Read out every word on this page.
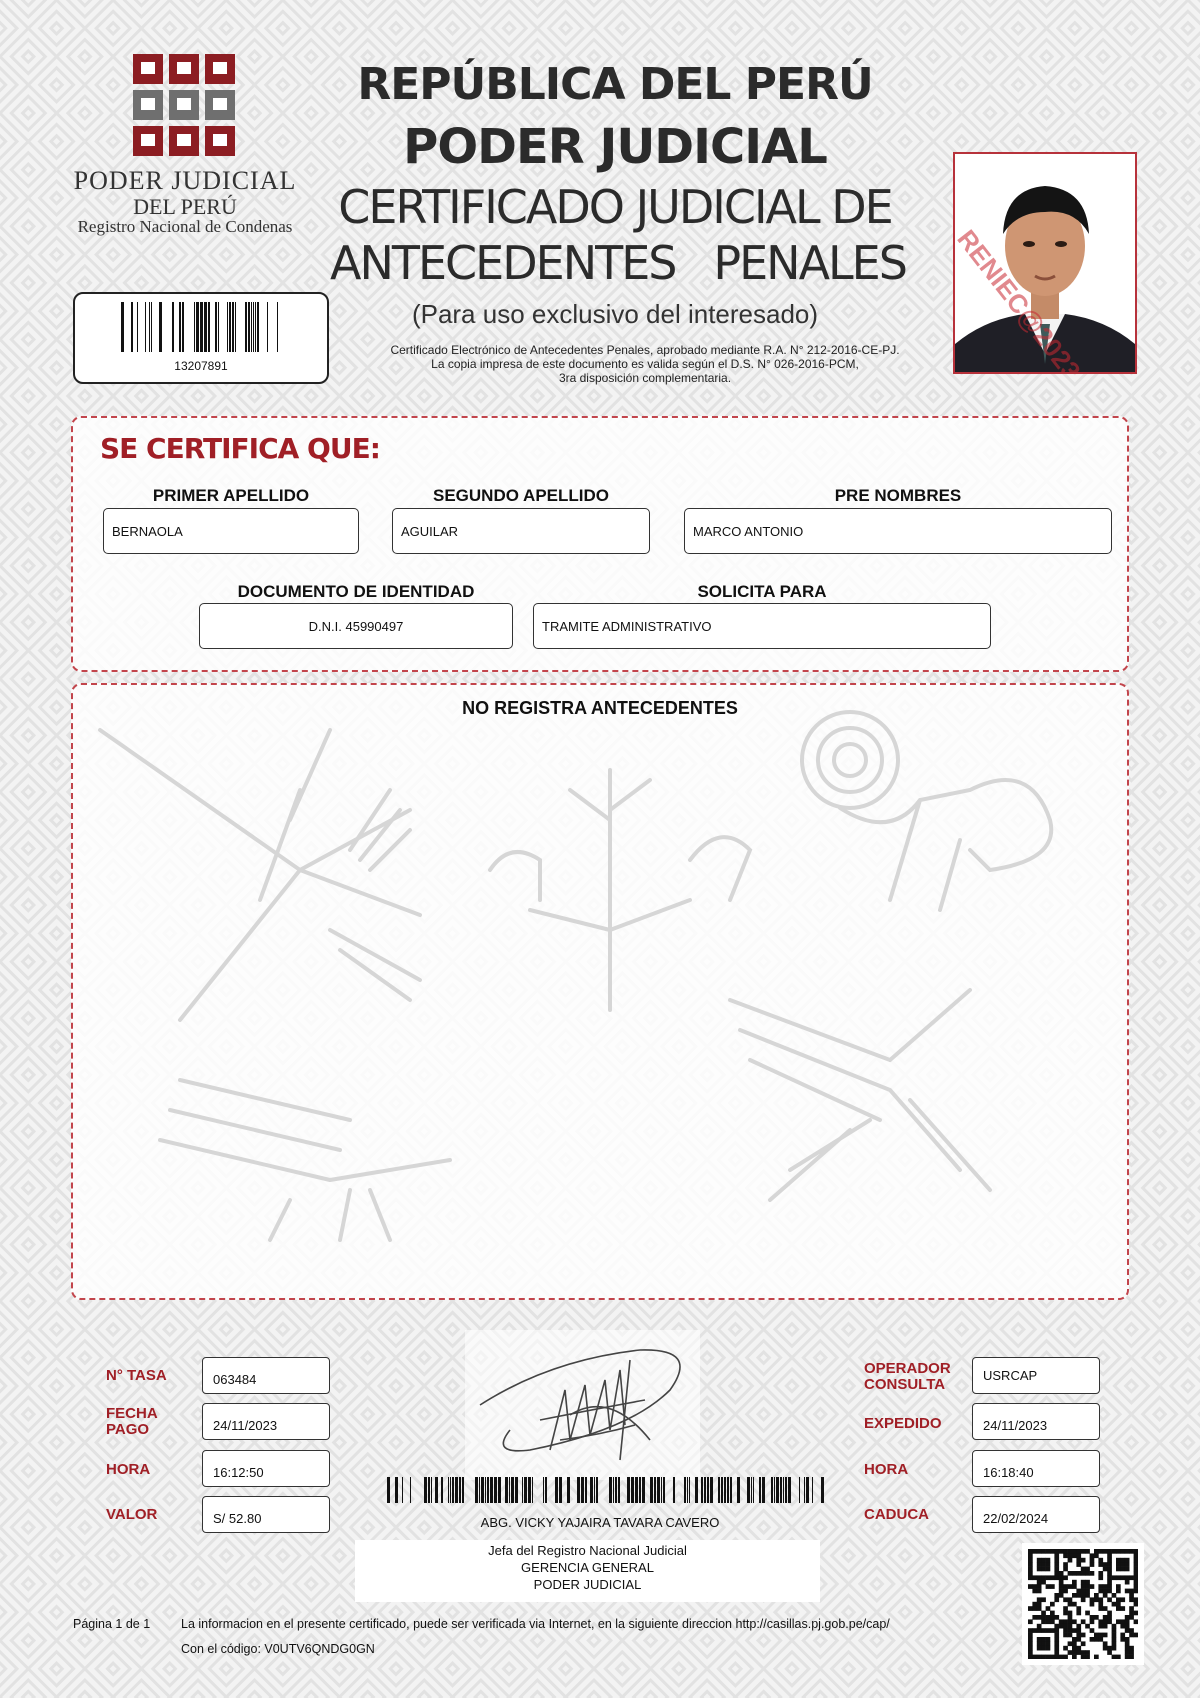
PODER JUDICIAL
DEL PERÚ
Registro Nacional de Condenas
REPÚBLICA DEL PERÚ
PODER JUDICIAL
CERTIFICADO JUDICIAL DE
ANTECEDENTES   PENALES
(Para uso exclusivo del interesado)
Certificado Electrónico de Antecedentes Penales, aprobado mediante R.A. N° 212-2016-CE-PJ.
La copia impresa de este documento es valida según el D.S. N° 026-2016-PCM,
3ra disposición complementaria.
13207891	RENIEC@2023
SE CERTIFICA QUE:
PRIMER APELLIDO
BERNAOLA
SEGUNDO APELLIDO
AGUILAR
PRE NOMBRES
MARCO ANTONIO
DOCUMENTO DE IDENTIDAD
D.N.I. 45990497
SOLICITA PARA
TRAMITE ADMINISTRATIVO
NO REGISTRA ANTECEDENTES
N° TASA	063484
FECHA
PAGO	24/11/2023
HORA	16:12:50
VALOR	S/ 52.80	ABG. VICKY YAJAIRA TAVARA CAVERO
Jefa del Registro Nacional Judicial
GERENCIA GENERAL
PODER JUDICIAL
OPERADOR
CONSULTA
USRCAP
EXPEDIDO	24/11/2023
HORA	16:18:40
CADUCA	22/02/2024
Página 1 de 1 La informacion en el presente certificado, puede ser verificada via Internet, en la siguiente direccion http://casillas.pj.gob.pe/cap/
Con el código: V0UTV6QNDG0GN
